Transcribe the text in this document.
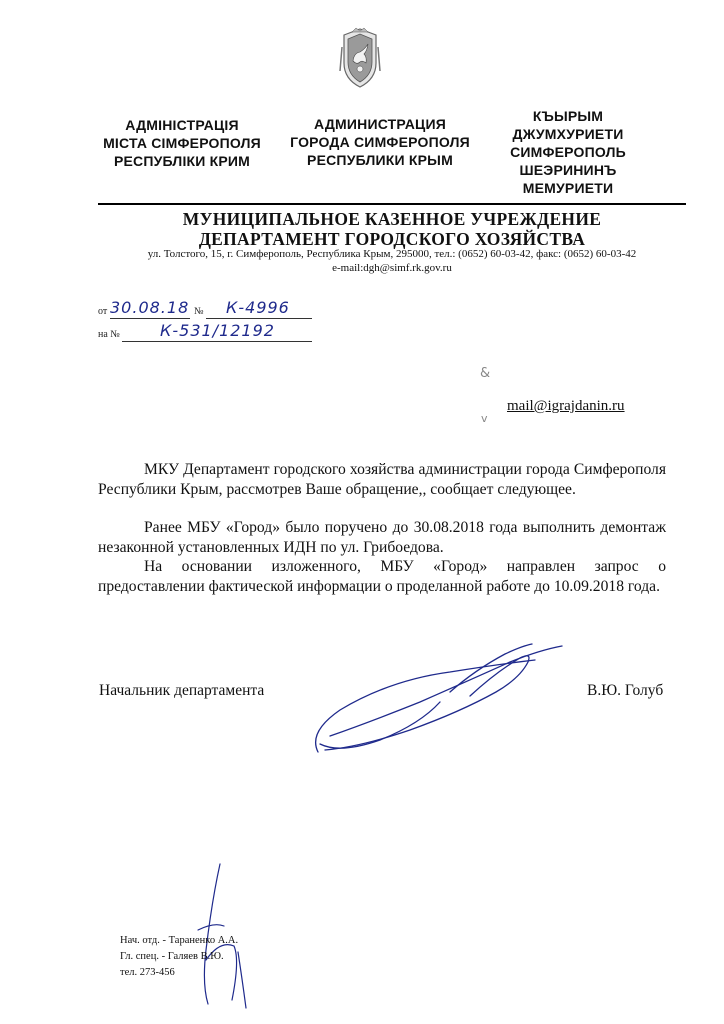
АДМІНІСТРАЦІЯ
МІСТА СІМФЕРОПОЛЯ
РЕСПУБЛІКИ КРИМ
АДМИНИСТРАЦИЯ
ГОРОДА СИМФЕРОПОЛЯ
РЕСПУБЛИКИ КРЫМ
КЪЫРЫМ
ДЖУМХУРИЕТИ
СИМФЕРОПОЛЬ
ШЕЭРИНИНЪ
МЕМУРИЕТИ
МУНИЦИПАЛЬНОЕ КАЗЕННОЕ УЧРЕЖДЕНИЕ
ДЕПАРТАМЕНТ ГОРОДСКОГО ХОЗЯЙСТВА
ул. Толстого, 15, г. Симферополь, Республика Крым, 295000, тел.: (0652) 60-03-42, факс: (0652) 60-03-42
e-mail:dgh@simf.rk.gov.ru
от 30.08.18 № К-4996
на №	К-531/12192
&
v
mail@igrajdanin.ru

МКУ Департамент городского хозяйства администрации города Симферополя Республики Крым, рассмотрев Ваше обращение,, сообщает следующее.

Ранее МБУ «Город» было поручено до 30.08.2018 года выполнить демонтаж незаконной установленных ИДН по ул. Грибоедова.

На основании изложенного, МБУ «Город» направлен запрос о предоставлении фактической информации о проделанной работе до 10.09.2018 года.

Начальник департамента	В.Ю. Голуб
Нач. отд. - Тараненко А.А.
Гл. спец. - Галяев В.Ю.
тел. 273-456
